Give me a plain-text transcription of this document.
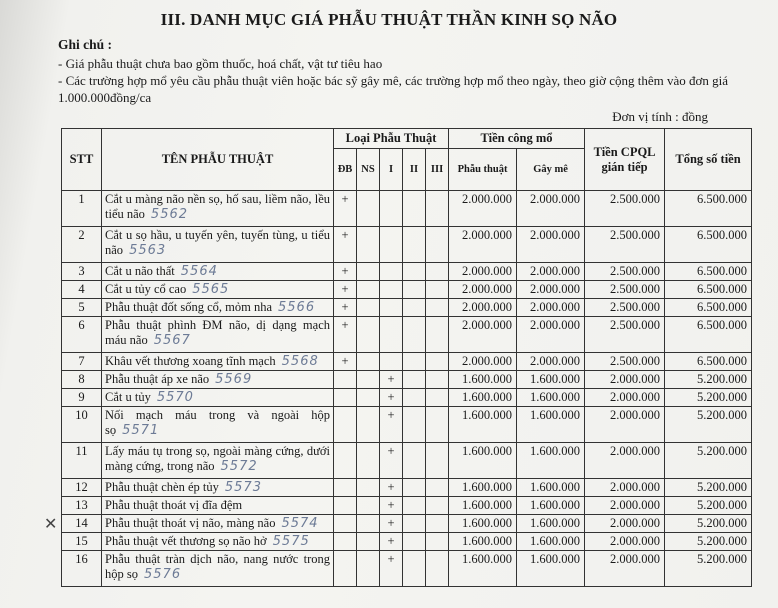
III. DANH MỤC GIÁ PHẪU THUẬT THẦN KINH SỌ NÃO
Ghi chú :
- Giá phẫu thuật chưa bao gồm thuốc, hoá chất, vật tư tiêu hao
- Các trường hợp mổ yêu cầu phẫu thuật viên hoặc bác sỹ gây mê, các trường hợp mổ theo ngày, theo giờ cộng thêm vào đơn giá 1.000.000đồng/ca
Đơn vị tính : đồng
STT	TÊN PHẪU THUẬT	Loại Phẫu Thuật					Tiền công mổ		Tiền CPQL gián tiếp	Tổng số tiền
		ĐB	NS	I	II	III	Phẫu thuật	Gây mê		
1	Cắt u màng não nền sọ, hố sau, liềm não, lều tiểu não 5562	+					2.000.000	2.000.000	2.500.000	6.500.000
2	Cắt u sọ hầu, u tuyến yên, tuyến tùng, u tiểu não 5563	+					2.000.000	2.000.000	2.500.000	6.500.000
3	Cắt u não thất 5564	+					2.000.000	2.000.000	2.500.000	6.500.000
4	Cắt u tủy cổ cao 5565	+					2.000.000	2.000.000	2.500.000	6.500.000
5	Phẫu thuật đốt sống cổ, mỏm nha 5566	+					2.000.000	2.000.000	2.500.000	6.500.000
6	Phẫu thuật phình ĐM não, dị dạng mạch máu não 5567	+					2.000.000	2.000.000	2.500.000	6.500.000
7	Khâu vết thương xoang tĩnh mạch 5568	+					2.000.000	2.000.000	2.500.000	6.500.000
8	Phẫu thuật áp xe não 5569			+			1.600.000	1.600.000	2.000.000	5.200.000
9	Cắt u tủy 5570			+			1.600.000	1.600.000	2.000.000	5.200.000
10	Nối mạch máu trong và ngoài hộp sọ 5571			+			1.600.000	1.600.000	2.000.000	5.200.000
11	Lấy máu tụ trong sọ, ngoài màng cứng, dưới màng cứng, trong não 5572			+			1.600.000	1.600.000	2.000.000	5.200.000
12	Phẫu thuật chèn ép tủy 5573			+			1.600.000	1.600.000	2.000.000	5.200.000
13	Phẫu thuật thoát vị đĩa đệm			+			1.600.000	1.600.000	2.000.000	5.200.000
14	Phẫu thuật thoát vị não, màng não 5574			+			1.600.000	1.600.000	2.000.000	5.200.000
15	Phẫu thuật vết thương sọ não hở 5575			+			1.600.000	1.600.000	2.000.000	5.200.000
16	Phẫu thuật tràn dịch não, nang nước trong hộp sọ 5576			+			1.600.000	1.600.000	2.000.000	5.200.000
✕
